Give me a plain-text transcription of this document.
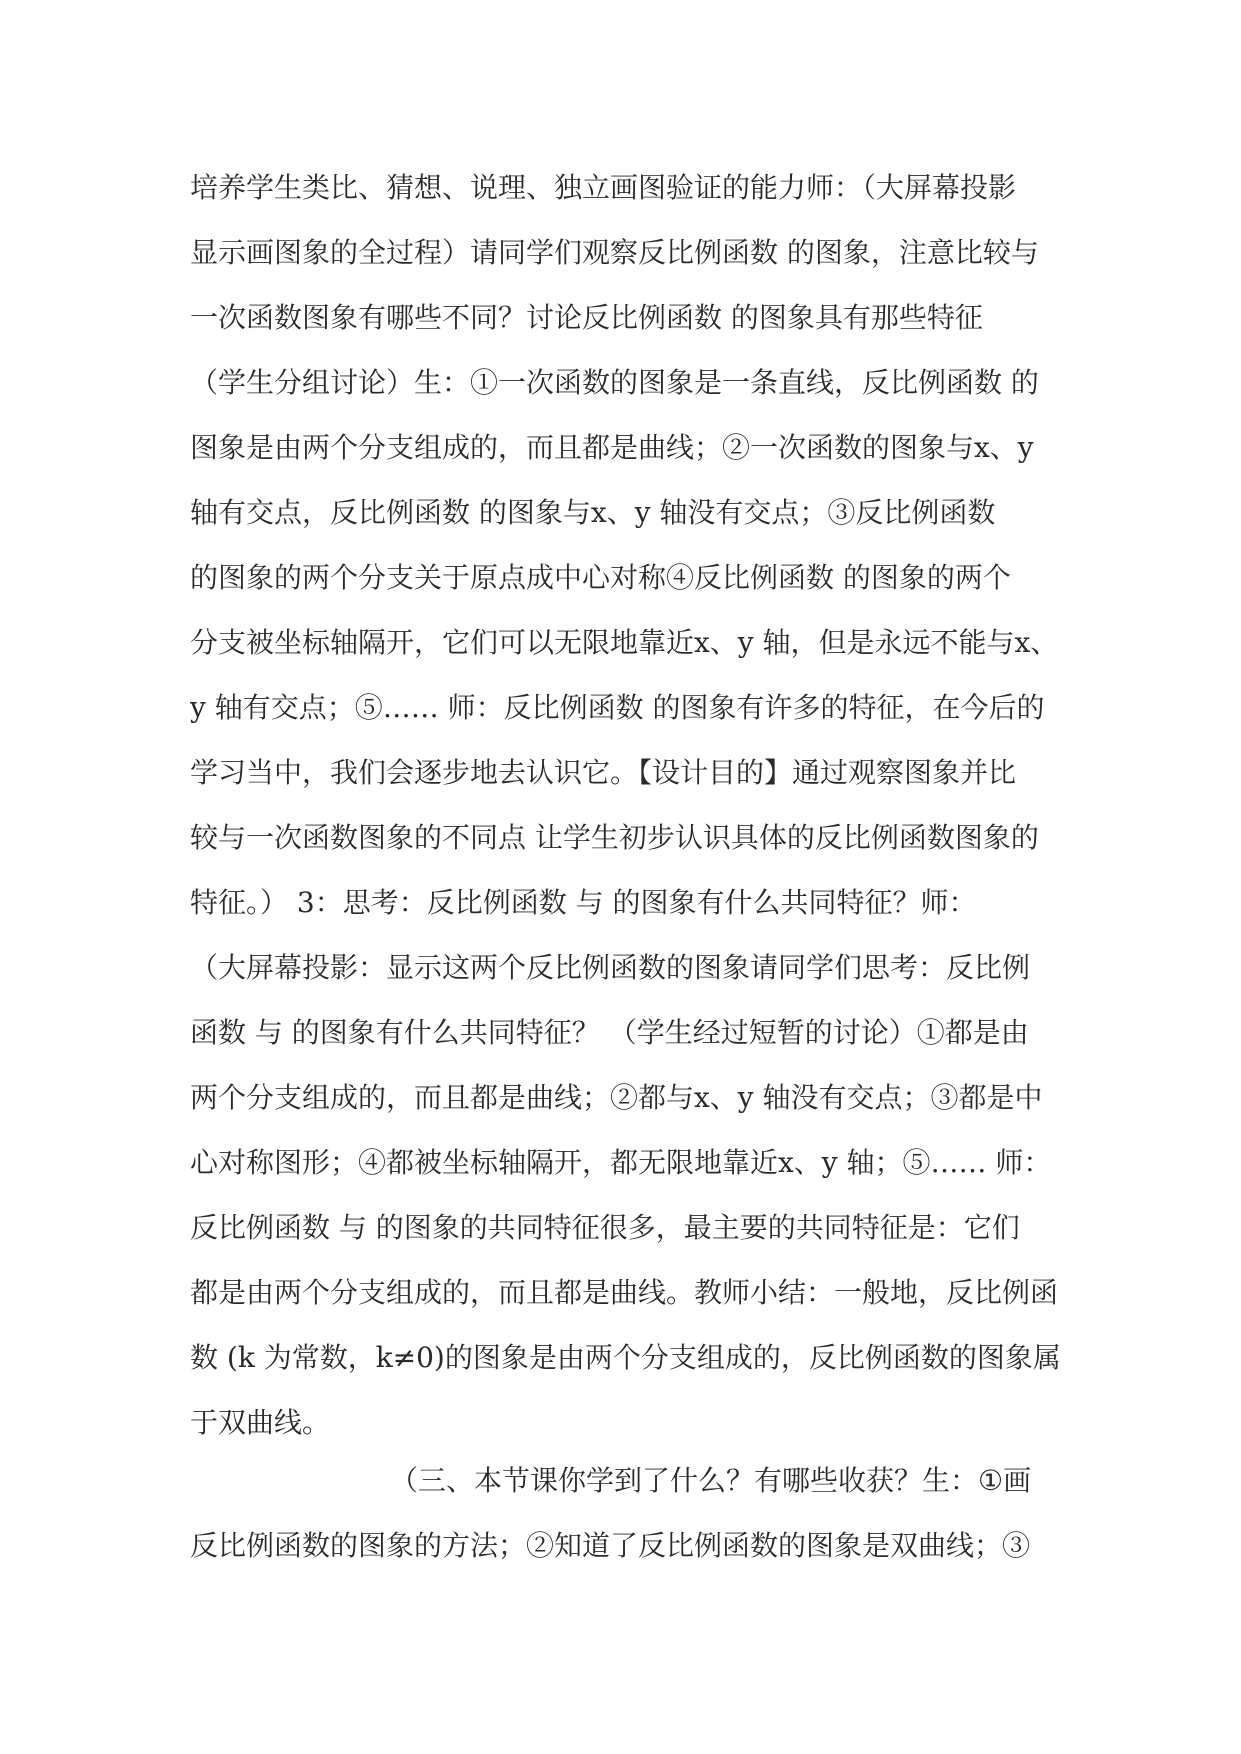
培养学生类比、猜想、说理、独立画图验证的能力师：（大屏幕投影
显示画图象的全过程）请同学们观察反比例函数 的图象，注意比较与
一次函数图象有哪些不同？讨论反比例函数 的图象具有那些特征
（学生分组讨论）生：①一次函数的图象是一条直线，反比例函数 的
图象是由两个分支组成的，而且都是曲线；②一次函数的图象与x、y
轴有交点，反比例函数 的图象与x、y 轴没有交点；③反比例函数
的图象的两个分支关于原点成中心对称④反比例函数 的图象的两个
分支被坐标轴隔开，它们可以无限地靠近x、y 轴，但是永远不能与x、
y 轴有交点；⑤…… 师：反比例函数 的图象有许多的特征，在今后的
学习当中，我们会逐步地去认识它。【设计目的】通过观察图象并比
较与一次函数图象的不同点 让学生初步认识具体的反比例函数图象的
特征。） 3：思考：反比例函数 与 的图象有什么共同特征？师：
（大屏幕投影：显示这两个反比例函数的图象请同学们思考：反比例
函数 与 的图象有什么共同特征？ （学生经过短暂的讨论）①都是由
两个分支组成的，而且都是曲线；②都与x、y 轴没有交点；③都是中
心对称图形；④都被坐标轴隔开，都无限地靠近x、y 轴；⑤…… 师：
反比例函数 与 的图象的共同特征很多，最主要的共同特征是：它们
都是由两个分支组成的，而且都是曲线。教师小结：一般地，反比例函
数 (k 为常数，k≠0)的图象是由两个分支组成的，反比例函数的图象属
于双曲线。
（三、本节课你学到了什么？有哪些收获？生：①画
反比例函数的图象的方法；②知道了反比例函数的图象是双曲线；③
